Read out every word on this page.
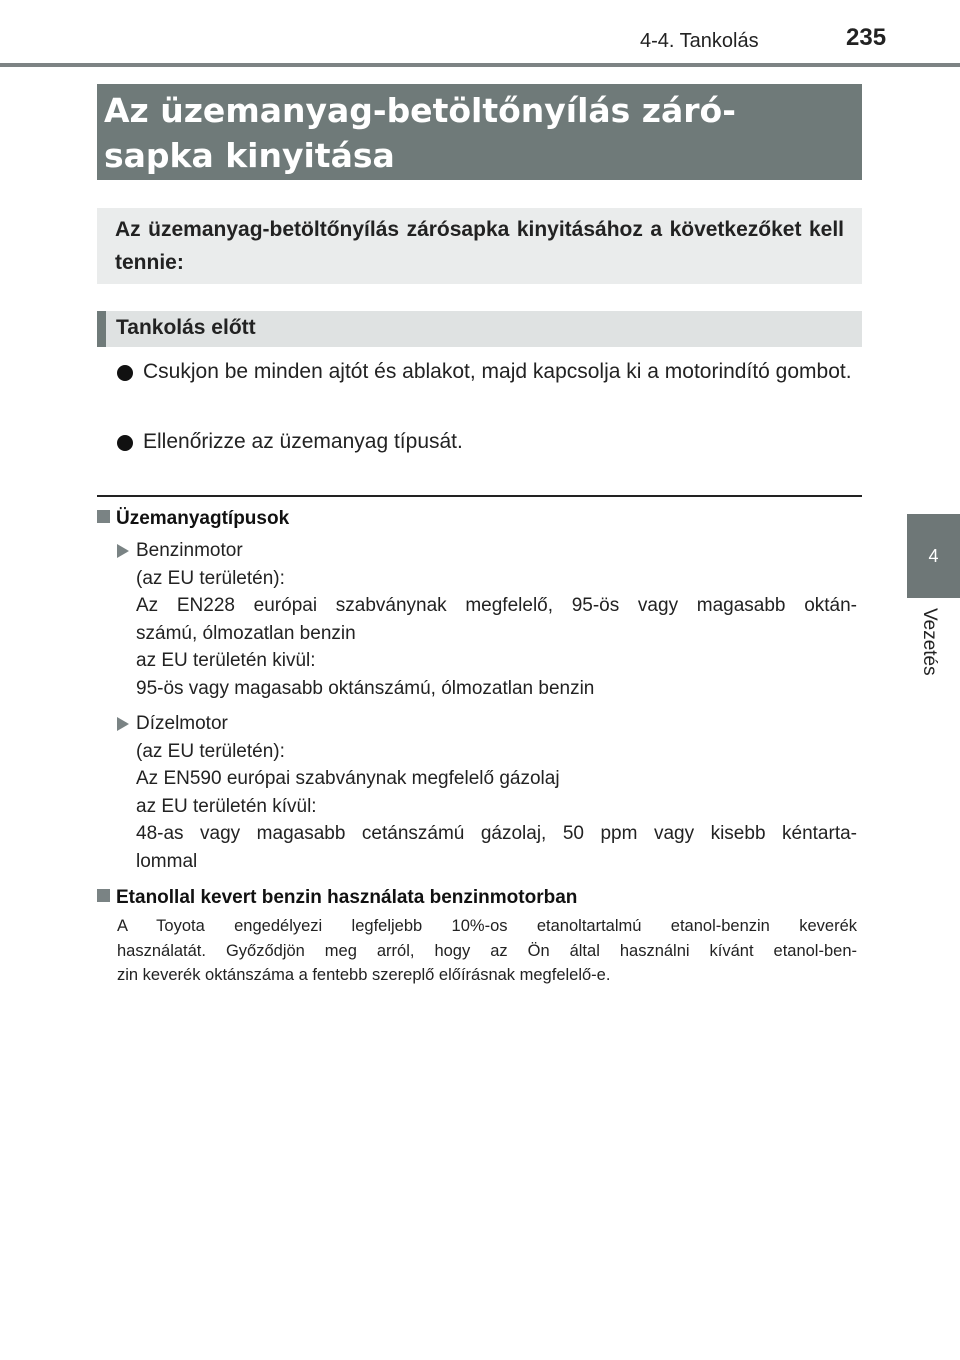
4-4. Tankolás	235
4
Vezetés
Az üzemanyag-betöltőnyílás záró-
sapka kinyitása
Az üzemanyag-betöltőnyílás zárósapka kinyitásához a következőket kell tennie:
Tankolás előtt
Csukjon be minden ajtót és ablakot, majd kapcsolja ki a motorindító gombot.
Ellenőrizze az üzemanyag típusát.
Üzemanyagtípusok
Benzinmotor
(az EU területén):
Az EN228 európai szabványnak megfelelő, 95-ös vagy magasabb oktán-
számú, ólmozatlan benzin
az EU területén kivül:
95-ös vagy magasabb oktánszámú, ólmozatlan benzin
Dízelmotor
(az EU területén):
Az EN590 európai szabványnak megfelelő gázolaj
az EU területén kívül:
48-as vagy magasabb cetánszámú gázolaj, 50 ppm vagy kisebb kéntarta-
lommal
Etanollal kevert benzin használata benzinmotorban
A Toyota engedélyezi legfeljebb 10%-os etanoltartalmú etanol-benzin keverék
használatát. Győződjön meg arról, hogy az Ön által használni kívánt etanol-ben-
zin keverék oktánszáma a fentebb szereplő előírásnak megfelelő-e.
